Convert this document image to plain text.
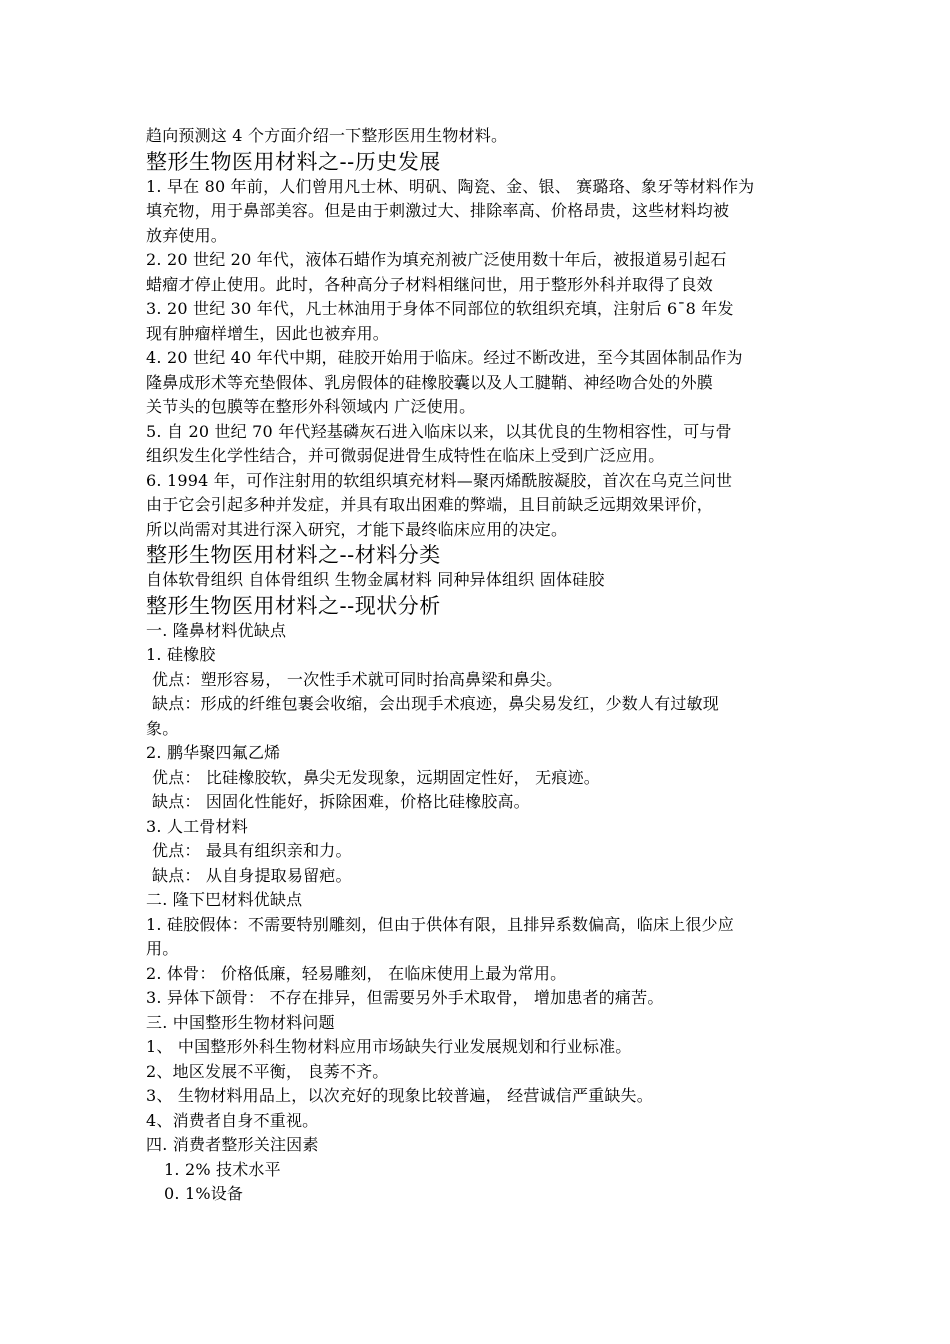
趋向预测这 4 个方面介绍一下整形医用生物材料。
整形生物医用材料之--历史发展
1. 早在 80 年前，人们曾用凡士林、明矾、陶瓷、金、银、 赛璐珞、象牙等材料作为
填充物，用于鼻部美容。但是由于刺激过大、排除率高、价格昂贵，这些材料均被
放弃使用。
2. 20 世纪 20 年代，液体石蜡作为填充剂被广泛使用数十年后，被报道易引起石
蜡瘤才停止使用。此时，各种高分子材料相继问世，用于整形外科并取得了良效
3. 20 世纪 30 年代，凡士林油用于身体不同部位的软组织充填，注射后 6¯8 年发
现有肿瘤样增生，因此也被弃用。
4. 20 世纪 40 年代中期，硅胶开始用于临床。经过不断改进，至今其固体制品作为
隆鼻成形术等充垫假体、乳房假体的硅橡胶囊以及人工腱鞘、神经吻合处的外膜
关节头的包膜等在整形外科领域内 广泛使用。
5. 自 20 世纪 70 年代羟基磷灰石进入临床以来，以其优良的生物相容性，可与骨
组织发生化学性结合，并可微弱促进骨生成特性在临床上受到广泛应用。
6. 1994 年，可作注射用的软组织填充材料—聚丙烯酰胺凝胶，首次在乌克兰问世
由于它会引起多种并发症，并具有取出困难的弊端，且目前缺乏远期效果评价，
所以尚需对其进行深入研究，才能下最终临床应用的决定。
整形生物医用材料之--材料分类
自体软骨组织 自体骨组织 生物金属材料 同种异体组织 固体硅胶
整形生物医用材料之--现状分析
一. 隆鼻材料优缺点
1. 硅橡胶
优点：塑形容易， 一次性手术就可同时抬高鼻梁和鼻尖。
缺点：形成的纤维包裹会收缩，会出现手术痕迹，鼻尖易发红，少数人有过敏现
象。
2. 鹏华聚四氟乙烯
优点： 比硅橡胶软，鼻尖无发现象，远期固定性好， 无痕迹。
缺点： 因固化性能好，拆除困难，价格比硅橡胶高。
3. 人工骨材料
优点： 最具有组织亲和力。
缺点： 从自身提取易留疤。
二. 隆下巴材料优缺点
1. 硅胶假体：不需要特别雕刻，但由于供体有限，且排异系数偏高，临床上很少应
用。
2. 体骨： 价格低廉，轻易雕刻， 在临床使用上最为常用。
3. 异体下颌骨： 不存在排异，但需要另外手术取骨， 增加患者的痛苦。
三. 中国整形生物材料问题
1、 中国整形外科生物材料应用市场缺失行业发展规划和行业标准。
2、地区发展不平衡， 良莠不齐。
3、 生物材料用品上，以次充好的现象比较普遍， 经营诚信严重缺失。
4、消费者自身不重视。
四. 消费者整形关注因素
1. 2% 技术水平
0. 1%设备
